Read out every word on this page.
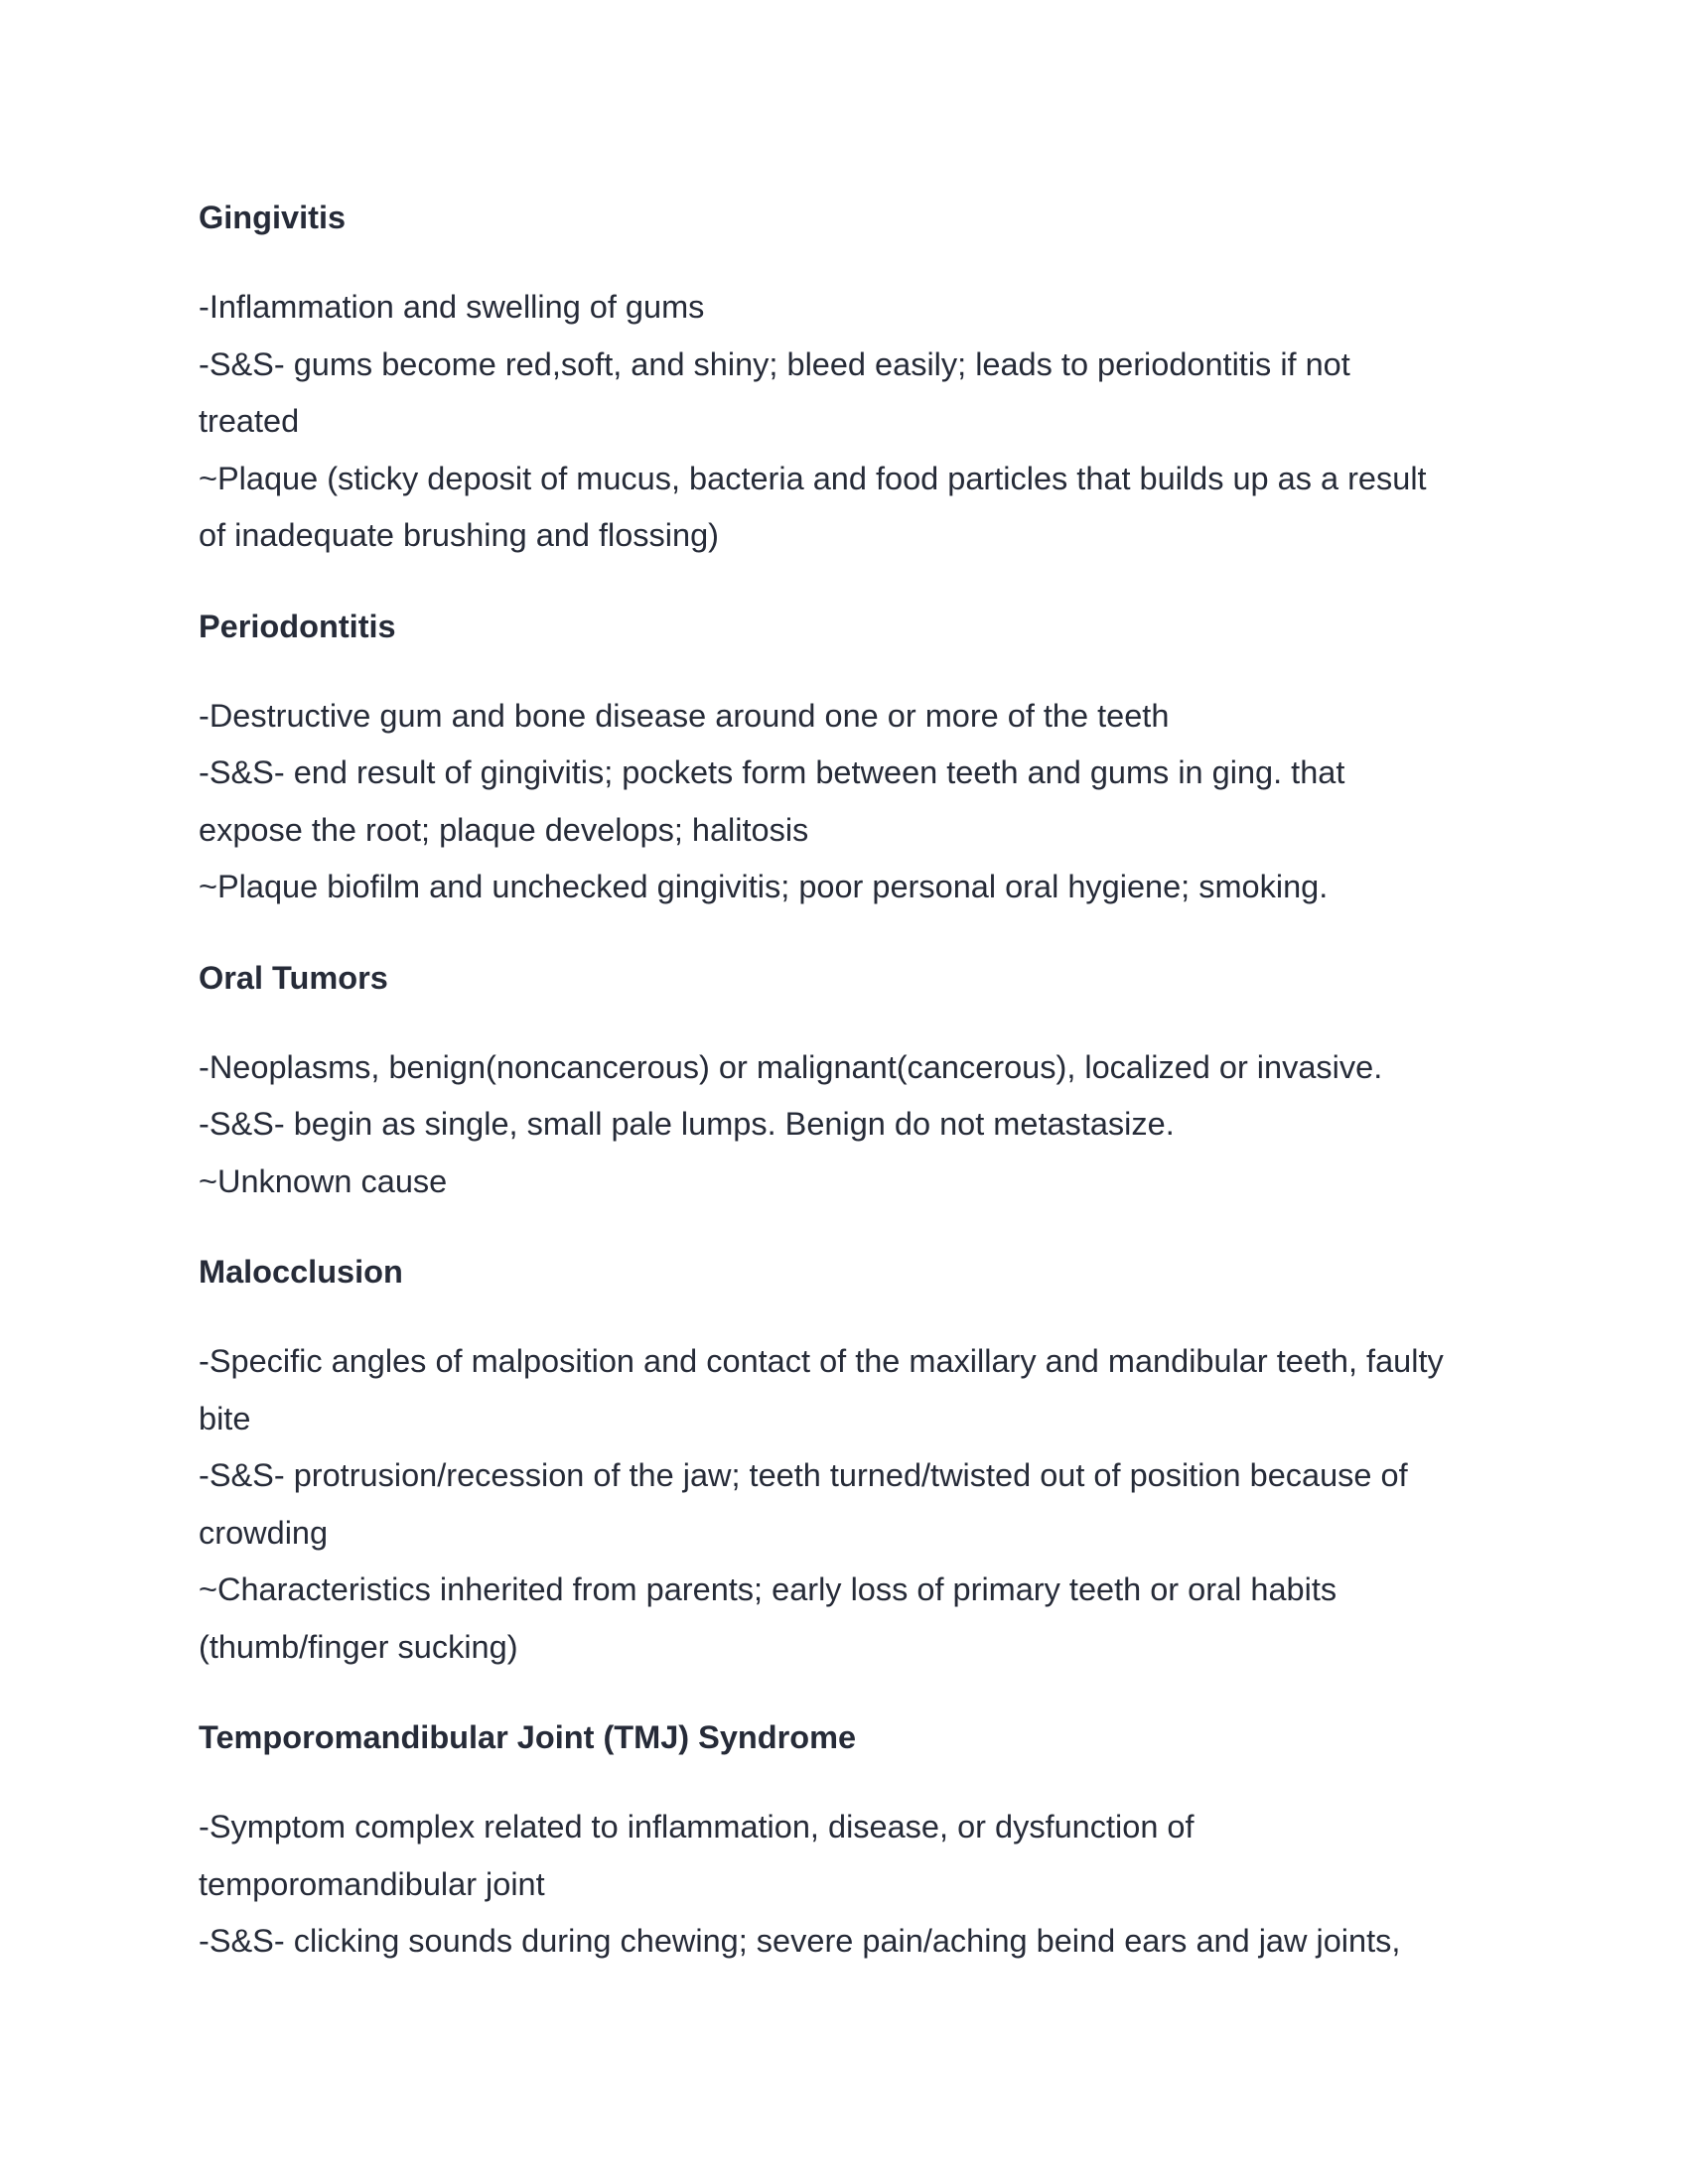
Gingivitis

-Inflammation and swelling of gums

-S&S- gums become red,soft, and shiny; bleed easily; leads to periodontitis if not

treated

~Plaque (sticky deposit of mucus, bacteria and food particles that builds up as a result

of inadequate brushing and flossing)

Periodontitis

-Destructive gum and bone disease around one or more of the teeth

-S&S- end result of gingivitis; pockets form between teeth and gums in ging. that

expose the root; plaque develops; halitosis

~Plaque biofilm and unchecked gingivitis; poor personal oral hygiene; smoking.

Oral Tumors

-Neoplasms, benign(noncancerous) or malignant(cancerous), localized or invasive.

-S&S- begin as single, small pale lumps. Benign do not metastasize.

~Unknown cause

Malocclusion

-Specific angles of malposition and contact of the maxillary and mandibular teeth, faulty

bite

-S&S- protrusion/recession of the jaw; teeth turned/twisted out of position because of

crowding

~Characteristics inherited from parents; early loss of primary teeth or oral habits

(thumb/finger sucking)

Temporomandibular Joint (TMJ) Syndrome

-Symptom complex related to inflammation, disease, or dysfunction of

temporomandibular joint

-S&S- clicking sounds during chewing; severe pain/aching beind ears and jaw joints,
